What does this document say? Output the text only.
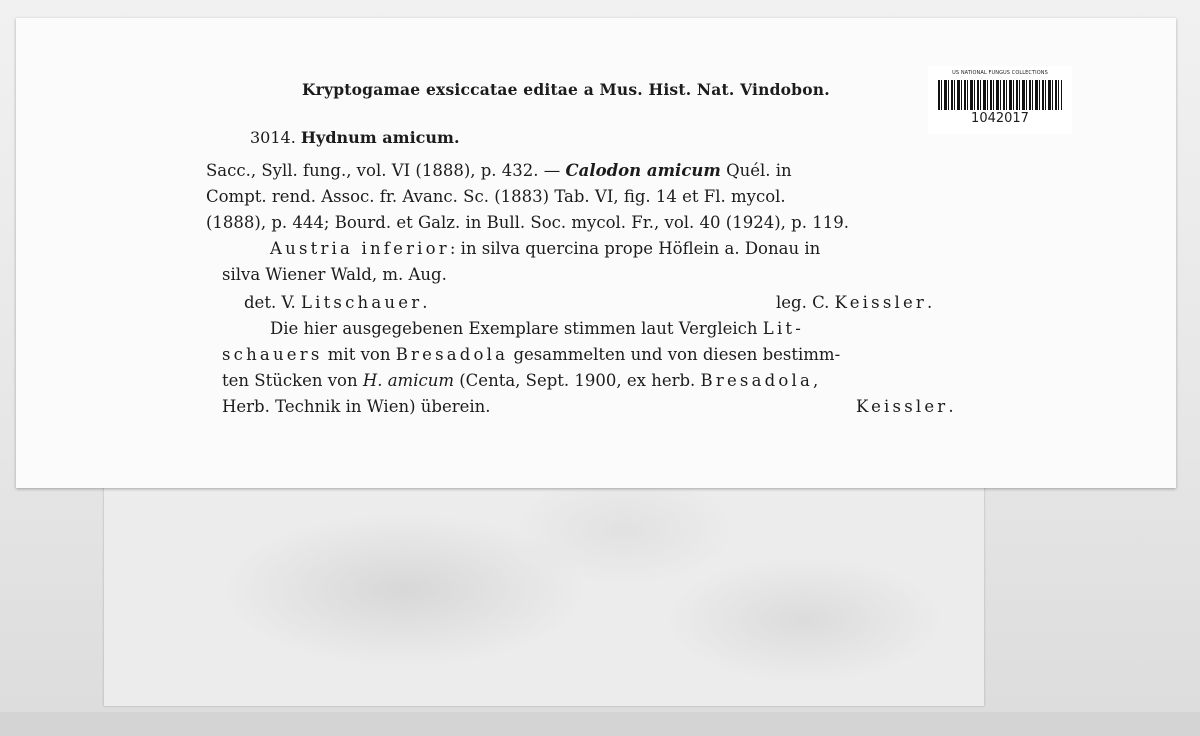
Kryptogamae exsiccatae editae a Mus. Hist. Nat. Vindobon.
US NATIONAL FUNGUS COLLECTIONS
1042017
3014. Hydnum amicum.
Sacc., Syll. fung., vol. VI (1888), p. 432. — Calodon amicum Quél. in
Compt. rend. Assoc. fr. Avanc. Sc. (1883) Tab. VI, fig. 14 et Fl. mycol.
(1888), p. 444; Bourd. et Galz. in Bull. Soc. mycol. Fr., vol. 40 (1924), p. 119.
Austria inferior: in silva quercina prope Höflein a. Donau in
silva Wiener Wald, m. Aug.
det. V. Litschauer.	leg. C. Keissler.
Die hier ausgegebenen Exemplare stimmen laut Vergleich Lit-
schauers mit von Bresadola gesammelten und von diesen bestimm-
ten Stücken von H. amicum (Centa, Sept. 1900, ex herb. Bresadola,
Herb. Technik in Wien) überein.	Keissler.
